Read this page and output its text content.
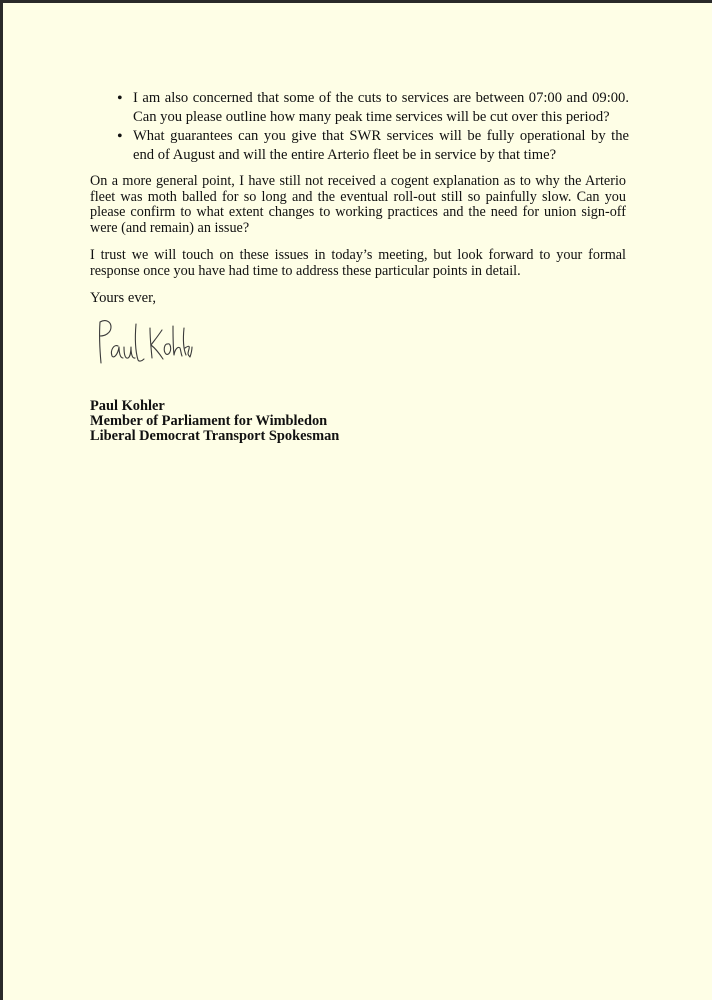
• I am also concerned that some of the cuts to services are between 07:00 and 09:00. Can you please outline how many peak time services will be cut over this period?
• What guarantees can you give that SWR services will be fully operational by the end of August and will the entire Arterio fleet be in service by that time?

On a more general point, I have still not received a cogent explanation as to why the Arterio fleet was moth balled for so long and the eventual roll-out still so painfully slow. Can you please confirm to what extent changes to working practices and the need for union sign-off were (and remain) an issue?

I trust we will touch on these issues in today’s meeting, but look forward to your formal response once you have had time to address these particular points in detail.

Yours ever,

Paul Kohler
Member of Parliament for Wimbledon
Liberal Democrat Transport Spokesman
